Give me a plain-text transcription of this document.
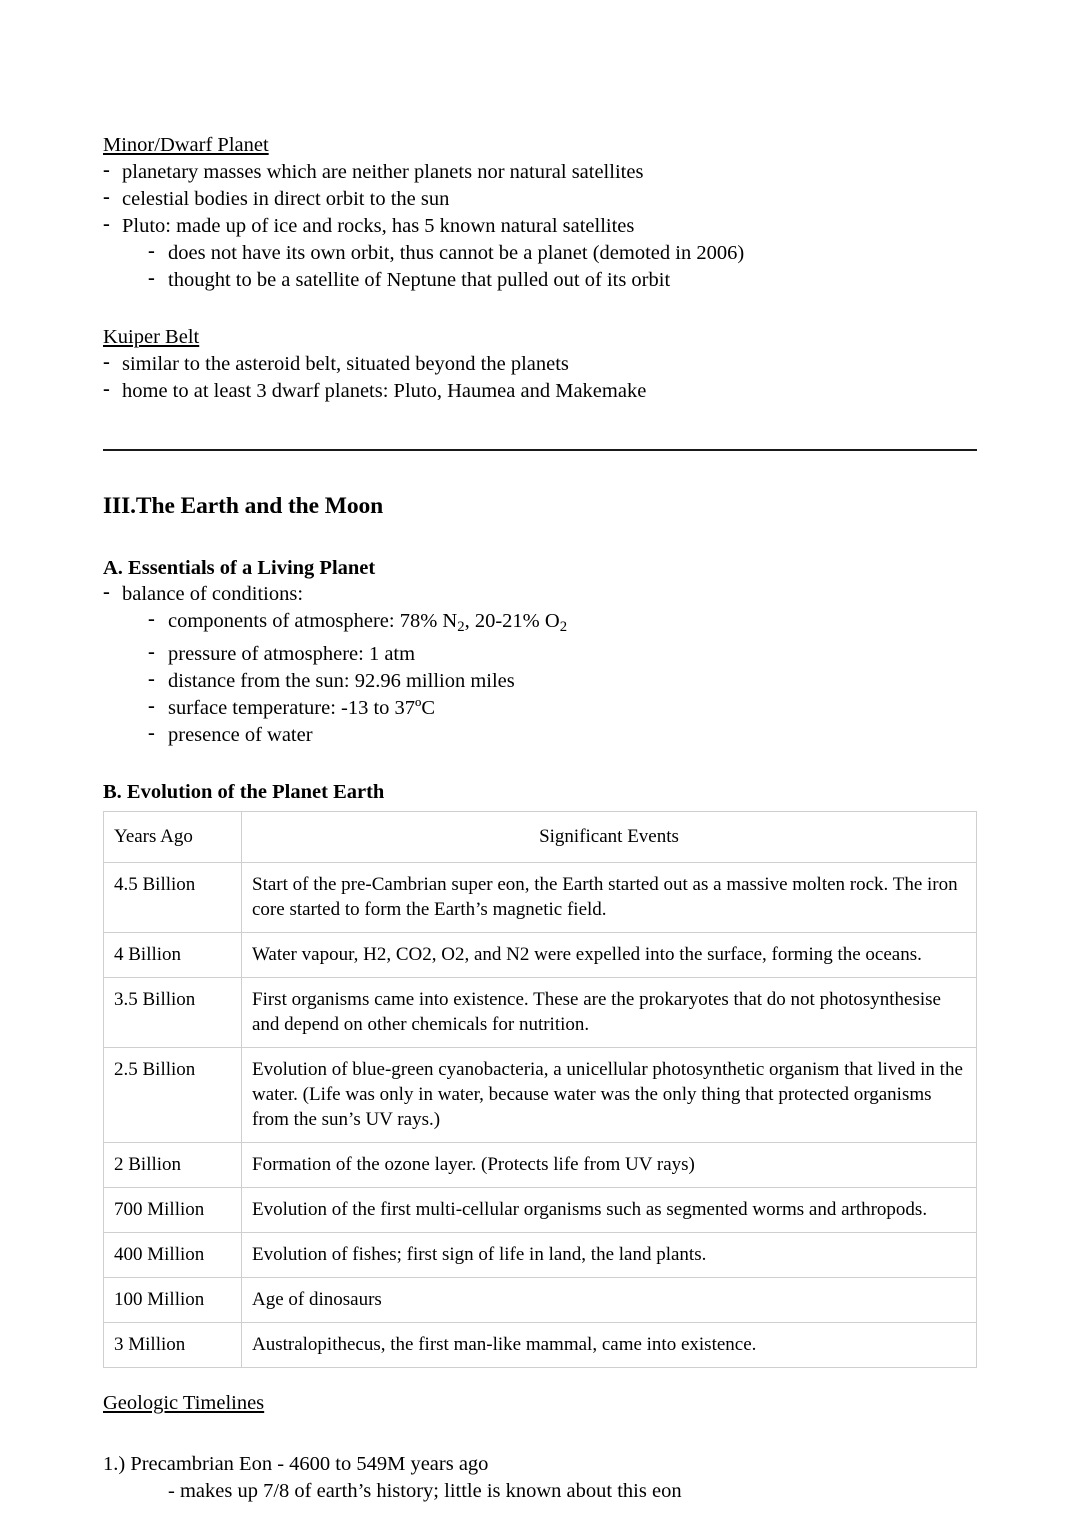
Minor/Dwarf Planet
- planetary masses which are neither planets nor natural satellites
- celestial bodies in direct orbit to the sun
- Pluto: made up of ice and rocks, has 5 known natural satellites
- does not have its own orbit, thus cannot be a planet (demoted in 2006)
- thought to be a satellite of Neptune that pulled out of its orbit
Kuiper Belt
- similar to the asteroid belt, situated beyond the planets
- home to at least 3 dwarf planets: Pluto, Haumea and Makemake
III.The Earth and the Moon
A. Essentials of a Living Planet
- balance of conditions:
- components of atmosphere: 78% $N_2$, 20-21% $O_2$
- pressure of atmosphere: 1 atm
- distance from the sun: 92.96 million miles
- surface temperature: -13 to 37ºC
- presence of water
B. Evolution of the Planet Earth
Years Ago	Significant Events
4.5 Billion	Start of the pre-Cambrian super eon, the Earth started out as a massive molten rock. The iron core started to form the Earth’s magnetic field.
4 Billion	Water vapour, H2, CO2, O2, and N2 were expelled into the surface, forming the oceans.
3.5 Billion	First organisms came into existence. These are the prokaryotes that do not photosynthesise and depend on other chemicals for nutrition.
2.5 Billion	Evolution of blue-green cyanobacteria, a unicellular photosynthetic organism that lived in the water. (Life was only in water, because water was the only thing that protected organisms from the sun’s UV rays.)
2 Billion	Formation of the ozone layer. (Protects life from UV rays)
700 Million	Evolution of the first multi-cellular organisms such as segmented worms and arthropods.
400 Million	Evolution of fishes; first sign of life in land, the land plants.
100 Million	Age of dinosaurs
3 Million	Australopithecus, the first man-like mammal, came into existence.
Geologic Timelines
1.) Precambrian Eon - 4600 to 549M years ago
- makes up 7/8 of earth’s history; little is known about this eon
